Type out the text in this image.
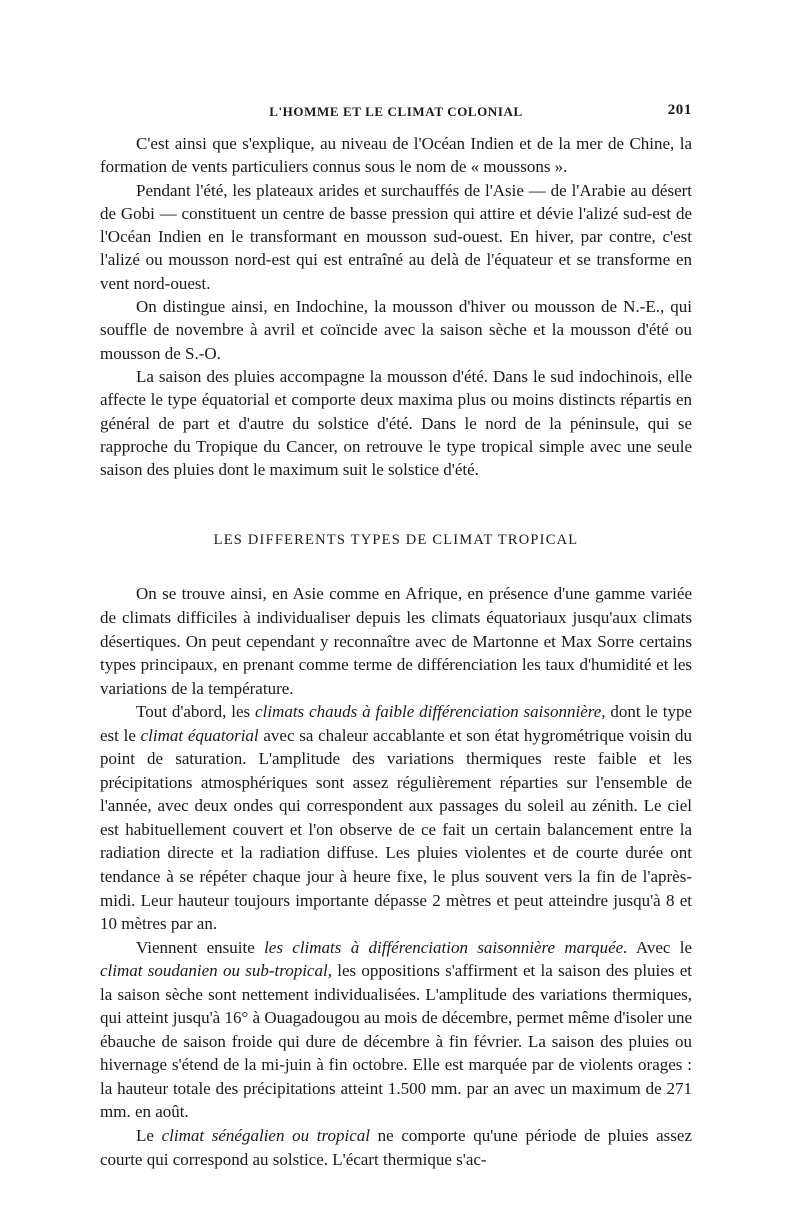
L'HOMME ET LE CLIMAT COLONIAL	201

C'est ainsi que s'explique, au niveau de l'Océan Indien et de la mer de Chine, la formation de vents particuliers connus sous le nom de « moussons ».

Pendant l'été, les plateaux arides et surchauffés de l'Asie — de l'Arabie au désert de Gobi — constituent un centre de basse pression qui attire et dévie l'alizé sud-est de l'Océan Indien en le transformant en mousson sud-ouest. En hiver, par contre, c'est l'alizé ou mousson nord-est qui est entraîné au delà de l'équateur et se transforme en vent nord-ouest.

On distingue ainsi, en Indochine, la mousson d'hiver ou mousson de N.-E., qui souffle de novembre à avril et coïncide avec la saison sèche et la mousson d'été ou mousson de S.-O.

La saison des pluies accompagne la mousson d'été. Dans le sud indochinois, elle affecte le type équatorial et comporte deux maxima plus ou moins distincts répartis en général de part et d'autre du solstice d'été. Dans le nord de la péninsule, qui se rapproche du Tropique du Cancer, on retrouve le type tropical simple avec une seule saison des pluies dont le maximum suit le solstice d'été.

LES DIFFERENTS TYPES DE CLIMAT TROPICAL

On se trouve ainsi, en Asie comme en Afrique, en présence d'une gamme variée de climats difficiles à individualiser depuis les climats équatoriaux jusqu'aux climats désertiques. On peut cependant y reconnaître avec de Martonne et Max Sorre certains types principaux, en prenant comme terme de différenciation les taux d'humidité et les variations de la température.

Tout d'abord, les climats chauds à faible différenciation saisonnière, dont le type est le climat équatorial avec sa chaleur accablante et son état hygrométrique voisin du point de saturation. L'amplitude des variations thermiques reste faible et les précipitations atmosphériques sont assez régulièrement réparties sur l'ensemble de l'année, avec deux ondes qui correspondent aux passages du soleil au zénith. Le ciel est habituellement couvert et l'on observe de ce fait un certain balancement entre la radiation directe et la radiation diffuse. Les pluies violentes et de courte durée ont tendance à se répéter chaque jour à heure fixe, le plus souvent vers la fin de l'après-midi. Leur hauteur toujours importante dépasse 2 mètres et peut atteindre jusqu'à 8 et 10 mètres par an.

Viennent ensuite les climats à différenciation saisonnière marquée. Avec le climat soudanien ou sub-tropical, les oppositions s'affirment et la saison des pluies et la saison sèche sont nettement individualisées. L'amplitude des variations thermiques, qui atteint jusqu'à 16° à Ouagadougou au mois de décembre, permet même d'isoler une ébauche de saison froide qui dure de décembre à fin février. La saison des pluies ou hivernage s'étend de la mi-juin à fin octobre. Elle est marquée par de violents orages : la hauteur totale des précipitations atteint 1.500 mm. par an avec un maximum de 271 mm. en août.

Le climat sénégalien ou tropical ne comporte qu'une période de pluies assez courte qui correspond au solstice. L'écart thermique s'ac-
